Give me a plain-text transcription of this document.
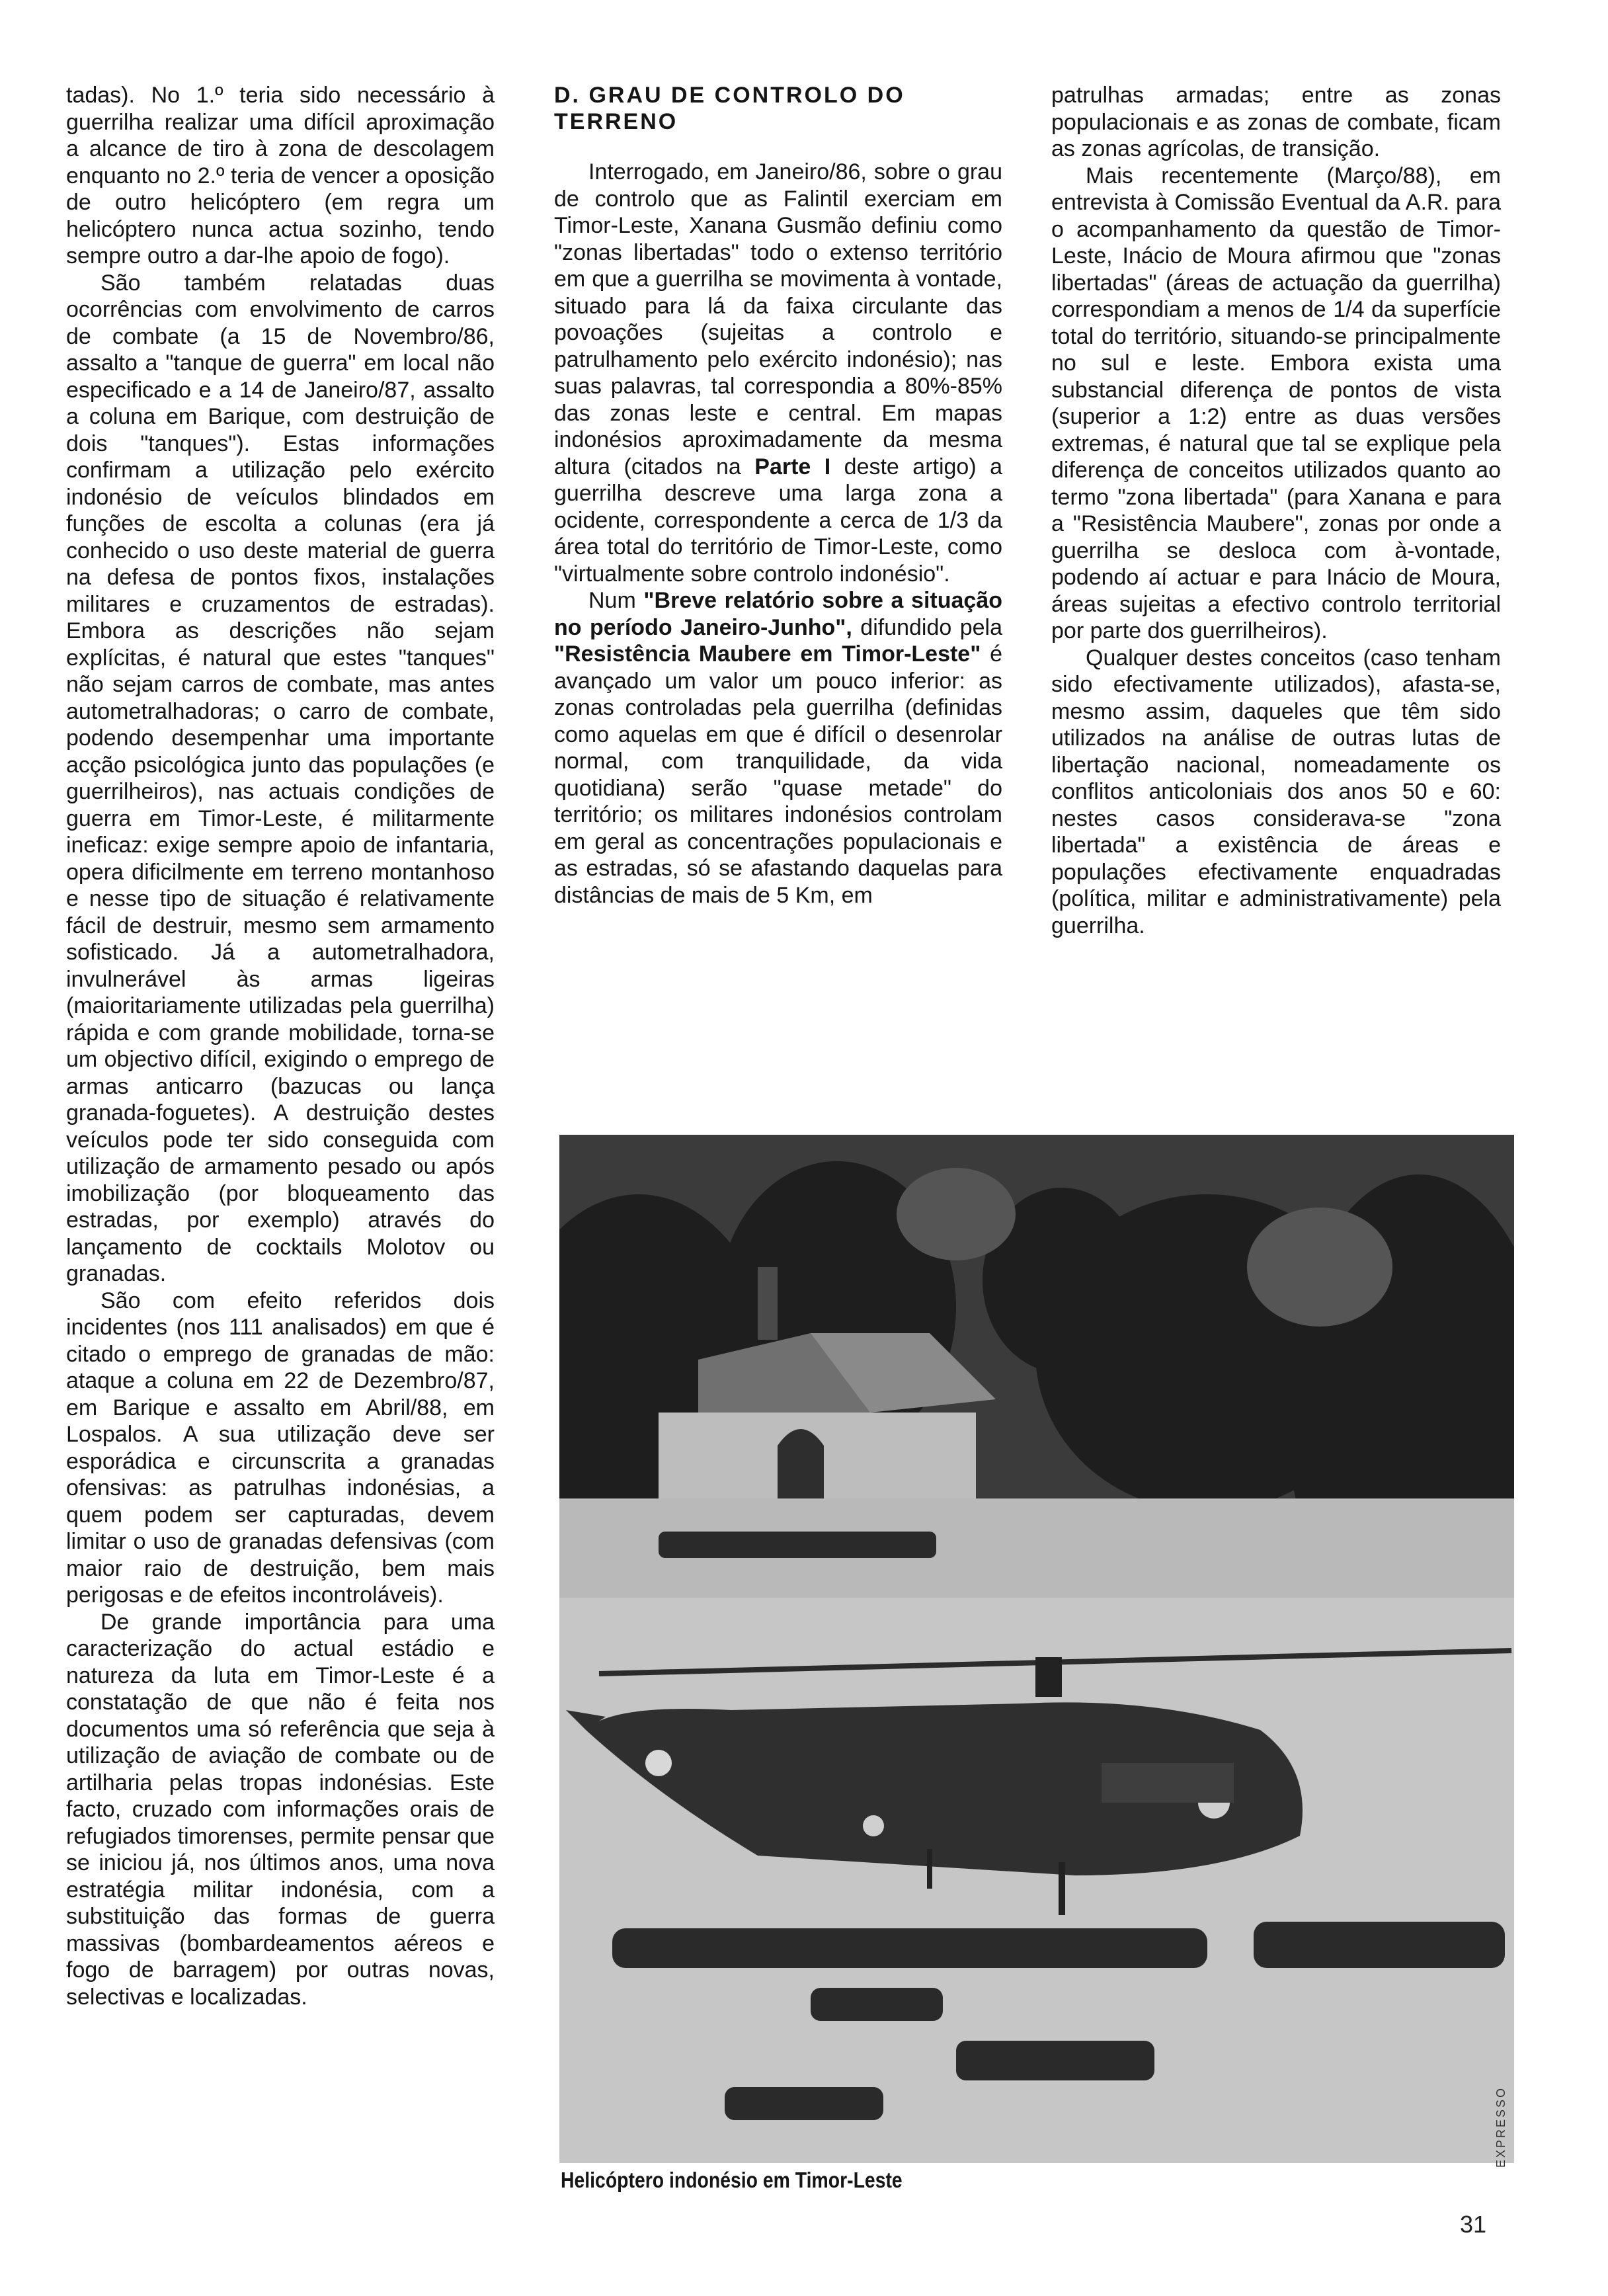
tadas). No 1.º teria sido necessário à guerrilha realizar uma difícil aproximação a alcance de tiro à zona de descolagem enquanto no 2.º teria de vencer a oposição de outro helicóptero (em regra um helicóptero nunca actua sozinho, tendo sempre outro a dar-lhe apoio de fogo).

São também relatadas duas ocorrências com envolvimento de carros de combate (a 15 de Novembro/86, assalto a "tanque de guerra" em local não especificado e a 14 de Janeiro/87, assalto a coluna em Barique, com destruição de dois "tanques"). Estas informações confirmam a utilização pelo exército indonésio de veículos blindados em funções de escolta a colunas (era já conhecido o uso deste material de guerra na defesa de pontos fixos, instalações militares e cruzamentos de estradas). Embora as descrições não sejam explícitas, é natural que estes "tanques" não sejam carros de combate, mas antes autometralhadoras; o carro de combate, podendo desempenhar uma importante acção psicológica junto das populações (e guerrilheiros), nas actuais condições de guerra em Timor-Leste, é militarmente ineficaz: exige sempre apoio de infantaria, opera dificilmente em terreno montanhoso e nesse tipo de situação é relativamente fácil de destruir, mesmo sem armamento sofisticado. Já a autometralhadora, invulnerável às armas ligeiras (maioritariamente utilizadas pela guerrilha) rápida e com grande mobilidade, torna-se um objectivo difícil, exigindo o emprego de armas anticarro (bazucas ou lança granada-foguetes). A destruição destes veículos pode ter sido conseguida com utilização de armamento pesado ou após imobilização (por bloqueamento das estradas, por exemplo) através do lançamento de cocktails Molotov ou granadas.

São com efeito referidos dois incidentes (nos 111 analisados) em que é citado o emprego de granadas de mão: ataque a coluna em 22 de Dezembro/87, em Barique e assalto em Abril/88, em Lospalos. A sua utilização deve ser esporádica e circunscrita a granadas ofensivas: as patrulhas indonésias, a quem podem ser capturadas, devem limitar o uso de granadas defensivas (com maior raio de destruição, bem mais perigosas e de efeitos incontroláveis).

De grande importância para uma caracterização do actual estádio e natureza da luta em Timor-Leste é a constatação de que não é feita nos documentos uma só referência que seja à utilização de aviação de combate ou de artilharia pelas tropas indonésias. Este facto, cruzado com informações orais de refugiados timorenses, permite pensar que se iniciou já, nos últimos anos, uma nova estratégia militar indonésia, com a substituição das formas de guerra massivas (bombardeamentos aéreos e fogo de barragem) por outras novas, selectivas e localizadas.

D. GRAU DE CONTROLO DO TERRENO

Interrogado, em Janeiro/86, sobre o grau de controlo que as Falintil exerciam em Timor-Leste, Xanana Gusmão definiu como "zonas libertadas" todo o extenso território em que a guerrilha se movimenta à vontade, situado para lá da faixa circulante das povoações (sujeitas a controlo e patrulhamento pelo exército indonésio); nas suas palavras, tal correspondia a 80%-85% das zonas leste e central. Em mapas indonésios aproximadamente da mesma altura (citados na Parte I deste artigo) a guerrilha descreve uma larga zona a ocidente, correspondente a cerca de 1/3 da área total do território de Timor-Leste, como "virtualmente sobre controlo indonésio".

Num "Breve relatório sobre a situação no período Janeiro-Junho", difundido pela "Resistência Maubere em Timor-Leste" é avançado um valor um pouco inferior: as zonas controladas pela guerrilha (definidas como aquelas em que é difícil o desenrolar normal, com tranquilidade, da vida quotidiana) serão "quase metade" do território; os militares indonésios controlam em geral as concentrações populacionais e as estradas, só se afastando daquelas para distâncias de mais de 5 Km, em

patrulhas armadas; entre as zonas populacionais e as zonas de combate, ficam as zonas agrícolas, de transição.

Mais recentemente (Março/88), em entrevista à Comissão Eventual da A.R. para o acompanhamento da questão de Timor-Leste, Inácio de Moura afirmou que "zonas libertadas" (áreas de actuação da guerrilha) correspondiam a menos de 1/4 da superfície total do território, situando-se principalmente no sul e leste. Embora exista uma substancial diferença de pontos de vista (superior a 1:2) entre as duas versões extremas, é natural que tal se explique pela diferença de conceitos utilizados quanto ao termo "zona libertada" (para Xanana e para a "Resistência Maubere", zonas por onde a guerrilha se desloca com à-vontade, podendo aí actuar e para Inácio de Moura, áreas sujeitas a efectivo controlo territorial por parte dos guerrilheiros).

Qualquer destes conceitos (caso tenham sido efectivamente utilizados), afasta-se, mesmo assim, daqueles que têm sido utilizados na análise de outras lutas de libertação nacional, nomeadamente os conflitos anticoloniais dos anos 50 e 60: nestes casos considerava-se "zona libertada" a existência de áreas e populações efectivamente enquadradas (política, militar e administrativamente) pela guerrilha.

Helicóptero indonésio em Timor-Leste
EXPRESSO
31
